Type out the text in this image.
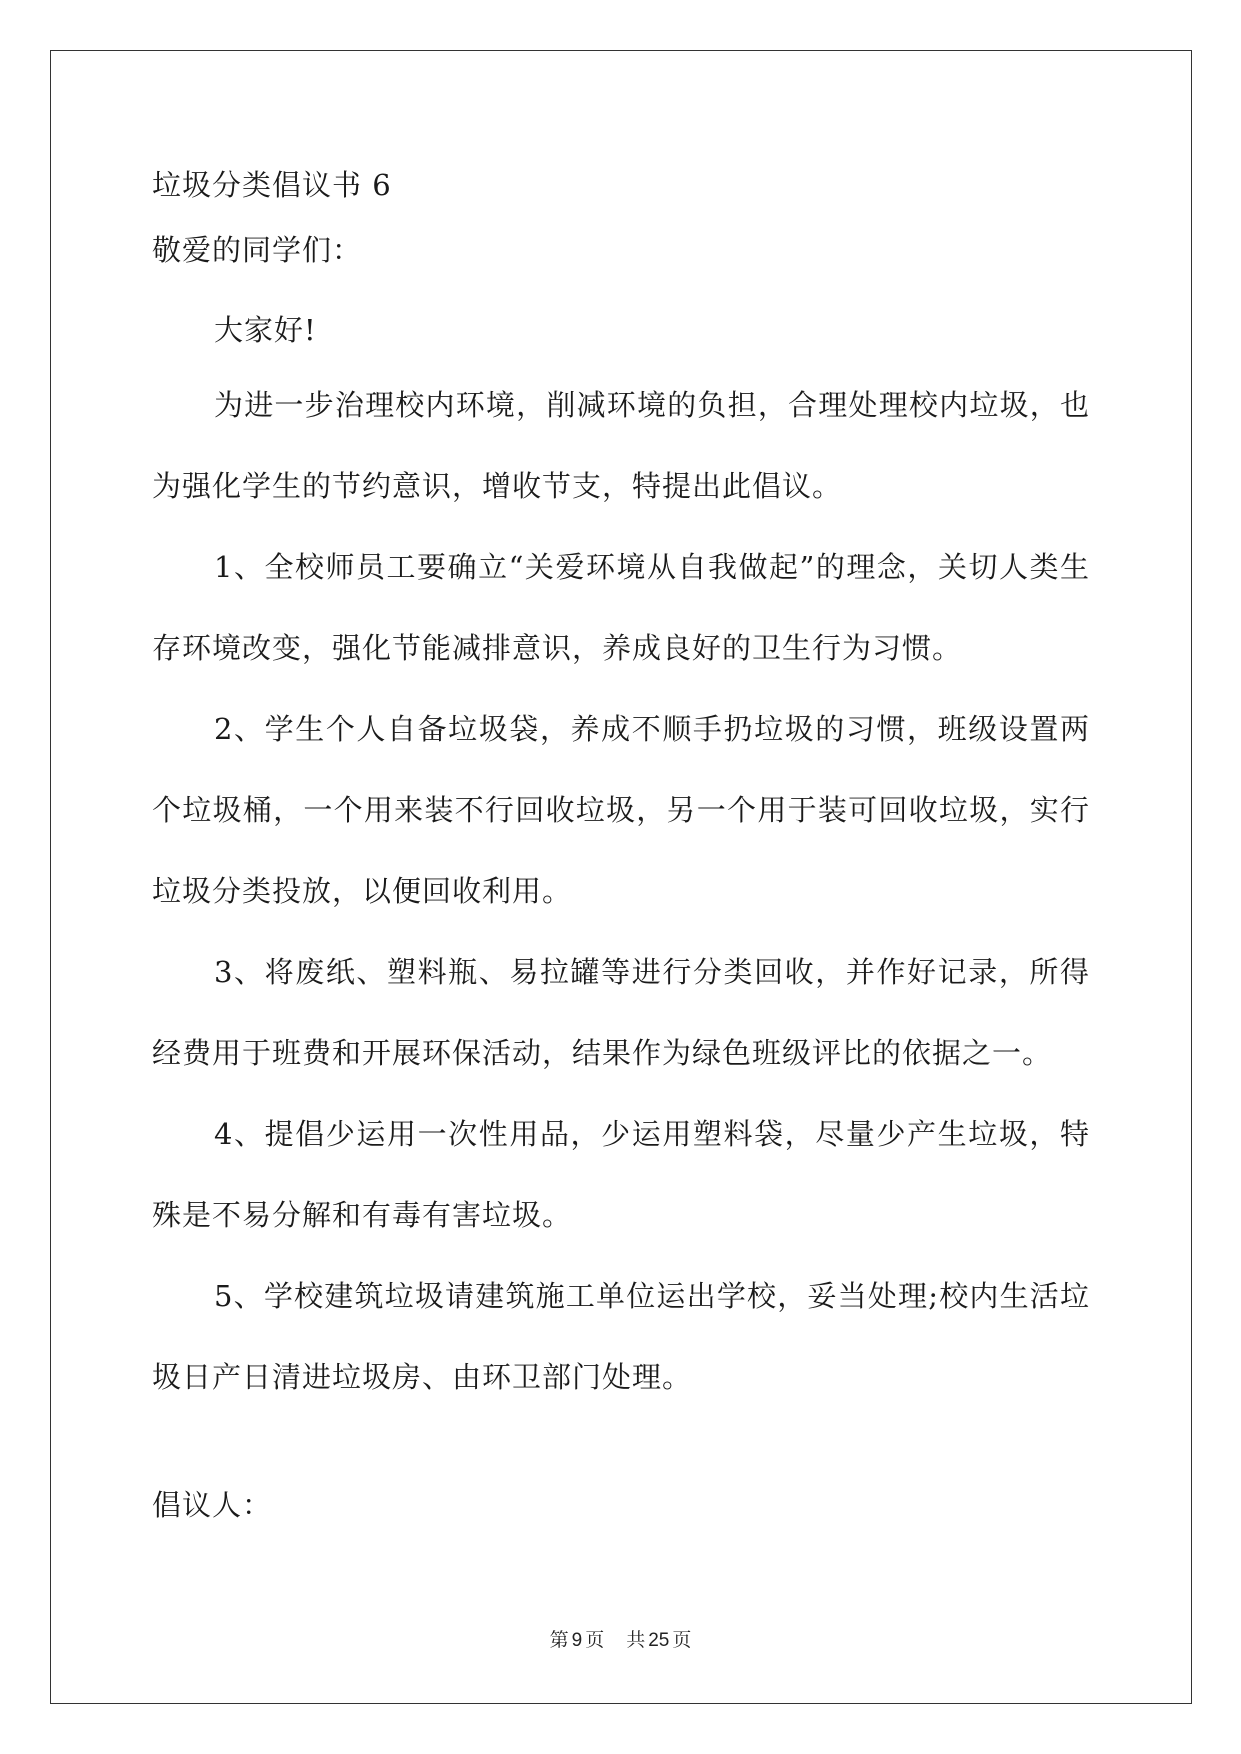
垃圾分类倡议书 6

敬爱的同学们：

大家好!

为进一步治理校内环境，削减环境的负担，合理处理校内垃圾，也为强化学生的节约意识，增收节支，特提出此倡议。

1、全校师员工要确立“关爱环境从自我做起”的理念，关切人类生存环境改变，强化节能减排意识，养成良好的卫生行为习惯。

2、学生个人自备垃圾袋，养成不顺手扔垃圾的习惯，班级设置两个垃圾桶，一个用来装不行回收垃圾，另一个用于装可回收垃圾，实行垃圾分类投放，以便回收利用。

3、将废纸、塑料瓶、易拉罐等进行分类回收，并作好记录，所得经费用于班费和开展环保活动，结果作为绿色班级评比的依据之一。

4、提倡少运用一次性用品，少运用塑料袋，尽量少产生垃圾，特殊是不易分解和有毒有害垃圾。

5、学校建筑垃圾请建筑施工单位运出学校，妥当处理;校内生活垃圾日产日清进垃圾房、由环卫部门处理。

倡议人：

第 9 页 共 25 页
